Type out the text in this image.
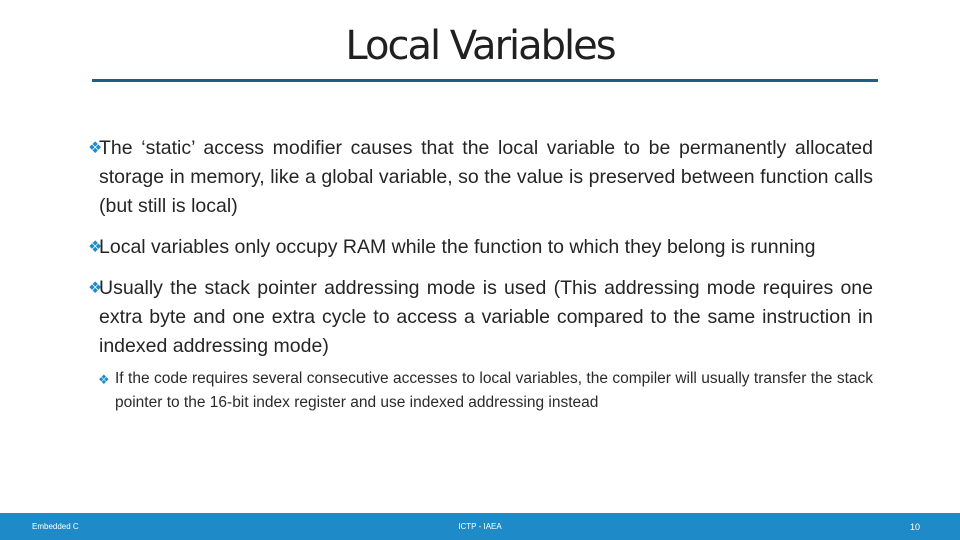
Local Variables
❖
The ‘static’ access modifier causes that the local variable to be permanently allocated storage in memory, like a global variable, so the value is preserved between function calls (but still is local)
❖
Local variables only occupy RAM while the function to which they belong is running
❖
Usually the stack pointer addressing mode is used (This addressing mode requires one extra byte and one extra cycle to access a variable compared to the same instruction in indexed addressing mode)
❖ If the code requires several consecutive accesses to local variables, the compiler will usually transfer the stack pointer to the 16-bit index register and use indexed addressing instead
Embedded C	ICTP - IAEA	10
